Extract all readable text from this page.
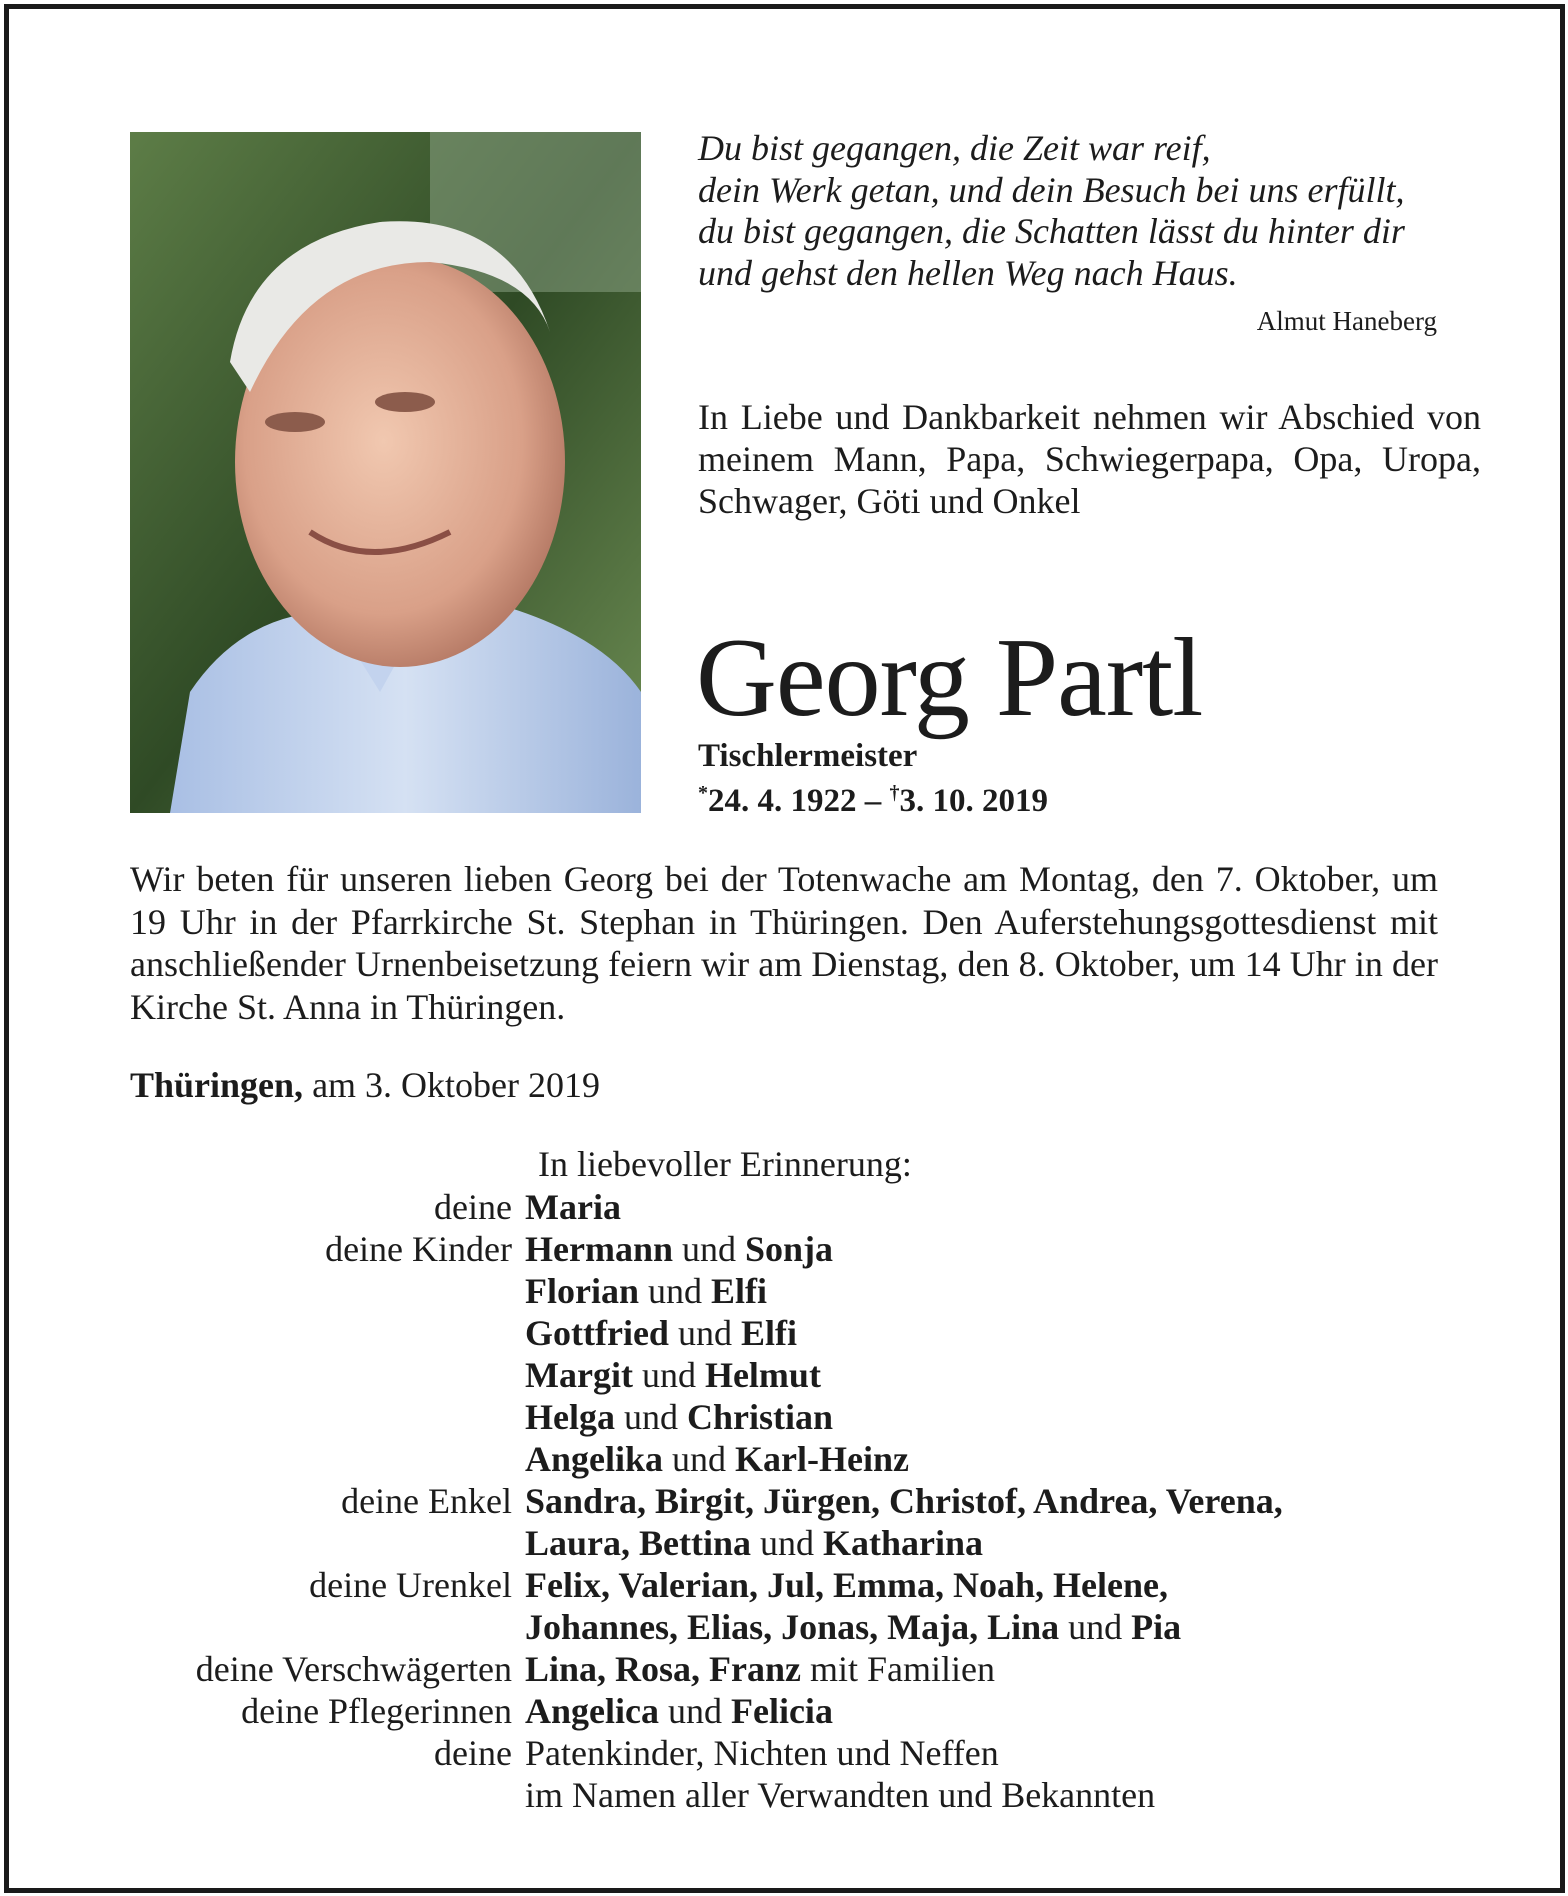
Du bist gegangen, die Zeit war reif,
dein Werk getan, und dein Besuch bei uns erfüllt,
du bist gegangen, die Schatten lässt du hinter dir
und gehst den hellen Weg nach Haus.
Almut Haneberg
In Liebe und Dankbarkeit nehmen wir Abschied von meinem Mann, Papa, Schwiegerpapa, Opa, Uropa, Schwager, Göti und Onkel
Georg Partl
Tischlermeister
*24. 4. 1922 – †3. 10. 2019
Wir beten für unseren lieben Georg bei der Totenwache am Montag, den 7. Oktober, um 19 Uhr in der Pfarrkirche St. Stephan in Thüringen. Den Auferstehungsgottesdienst mit anschließender Urnenbeisetzung feiern wir am Dienstag, den 8. Oktober, um 14 Uhr in der Kirche St. Anna in Thüringen.
Thüringen, am 3. Oktober 2019
In liebevoller Erinnerung:
deine Maria
deine Kinder Hermann und Sonja
Florian und Elfi
Gottfried und Elfi
Margit und Helmut
Helga und Christian
Angelika und Karl-Heinz
deine Enkel Sandra, Birgit, Jürgen, Christof, Andrea, Verena,
Laura, Bettina und Katharina
deine Urenkel Felix, Valerian, Jul, Emma, Noah, Helene,
Johannes, Elias, Jonas, Maja, Lina und Pia
deine Verschwägerten Lina, Rosa, Franz mit Familien
deine Pflegerinnen Angelica und Felicia
deine Patenkinder, Nichten und Neffen
im Namen aller Verwandten und Bekannten
